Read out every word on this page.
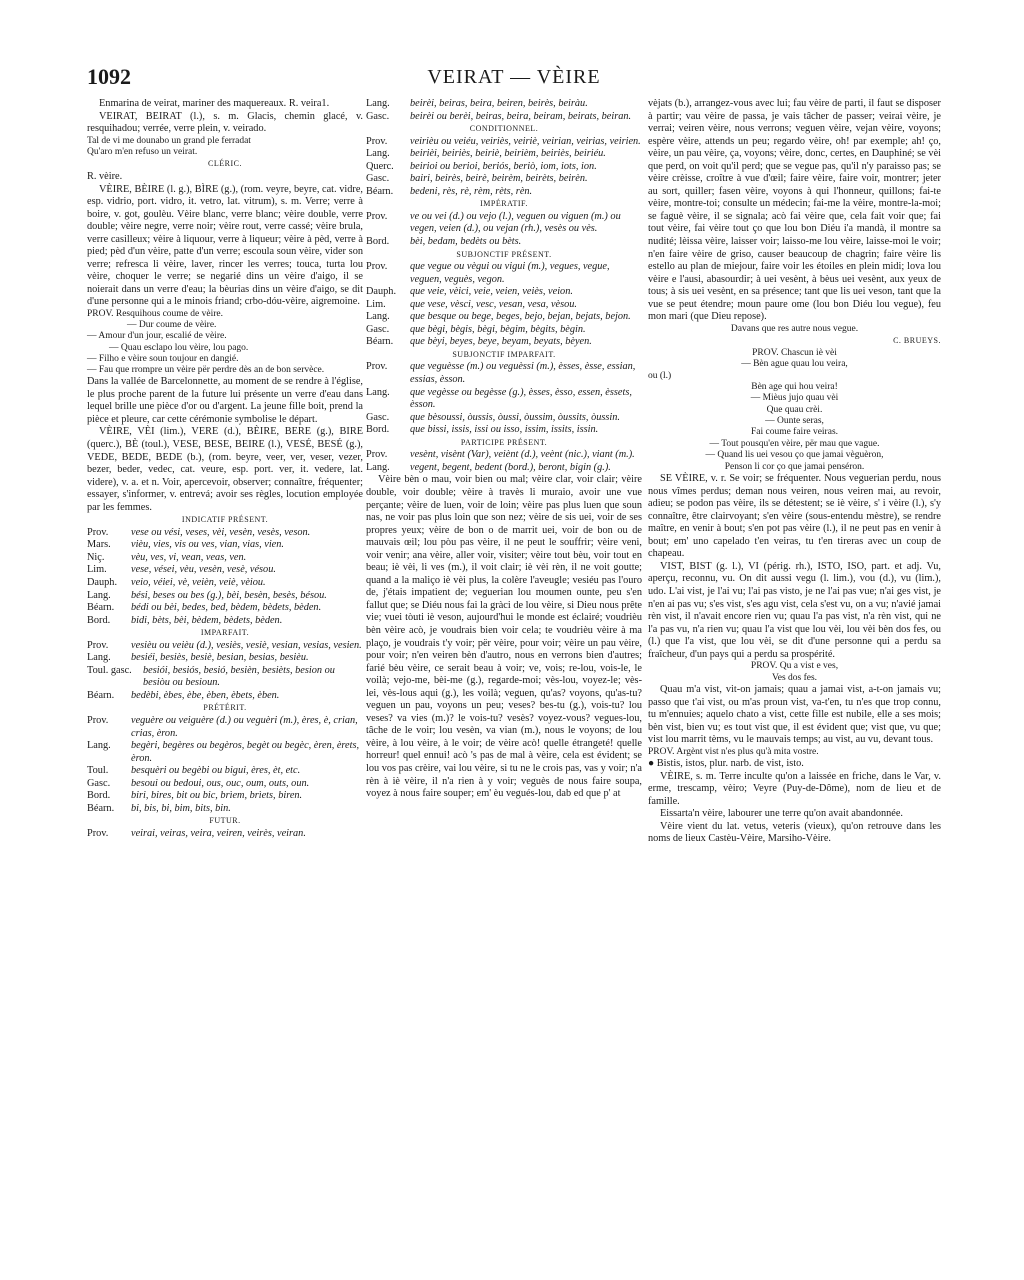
1092	VEIRAT — VÈIRE

Enmarina de veirat, mariner des maquereaux. R. veira1.

VEIRAT, BEIRAT (l.), s. m. Glacis, chemin glacé, v. resquihadou; verrée, verre plein, v. veirado.

Tal de vi me dounabo un grand ple ferradat

Qu'aro m'en refuso un veirat.

CLÉRIC.

R. vèire.

VÈIRE, BÈIRE (l. g.), BÌRE (g.), (rom. veyre, beyre, cat. vidre, esp. vidrio, port. vidro, it. vetro, lat. vitrum), s. m. Verre; verre à boire, v. got, goulèu. Vèire blanc, verre blanc; vèire double, verre double; vèire negre, verre noir; vèire rout, verre cassé; vèire brula, verre casilleux; vèire à liquour, verre à liqueur; vèire à pèd, verre à pied; pèd d'un vèire, patte d'un verre; escoula soun vèire, vider son verre; refresca li vèire, laver, rincer les verres; touca, turta lou vèire, choquer le verre; se negarié dins un vèire d'aigo, il se noierait dans un verre d'eau; la bèurias dins un vèire d'aigo, se dit d'une personne qui a le minois friand; crbo-dóu-vèire, aigremoine.

PROV. Resquihous coume de vèire.

— Dur coume de vèire.

— Amour d'un jour, escalié de vèire.

— Quau esclapo lou vèire, lou pago.

— Filho e vèire soun toujour en dangié.

— Fau que rrompre un vèire për perdre dès an de bon servèce.

Dans la vallée de Barcelonnette, au moment de se rendre à l'église, le plus proche parent de la future lui présente un verre d'eau dans lequel brille une pièce d'or ou d'argent. La jeune fille boit, prend la pièce et pleure, car cette cérémonie symbolise le départ.

VÈIRE, VÈI (lim.), VERE (d.), BÈIRE, BERE (g.), BIRE (querc.), BÈ (toul.), VESE, BESE, BEIRE (l.), VESÉ, BESÉ (g.), VEDE, BEDE, BEDE (b.), (rom. beyre, veer, ver, veser, vezer, bezer, beder, vedec, cat. veure, esp. port. ver, it. vedere, lat. videre), v. a. et n. Voir, apercevoir, observer; connaître, fréquenter; essayer, s'informer, v. entrevá; avoir ses règles, locution employée par les femmes.

INDICATIF PRÉSENT.

Prov.	vese ou vési, veses, vèi, vesèn, vesès, veson.
Mars.	vièu, vies, vis ou ves, vian, vias, vien.
Niç.	vèu, ves, vi, vean, veas, ven.
Lim.	vese, vései, vèu, vesèn, vesè, vésou.
Dauph.	veio, véiei, vè, veièn, veiè, vèiou.
Lang.	bési, beses ou bes (g.), bèi, besèn, besès, bésou.
Béarn.	bédi ou bèi, bedes, bed, bèdem, bèdets, bèden.
Bord.	bidi, bèts, bèi, bèdem, bèdets, bèden.

IMPARFAIT.

Prov.	vesièu ou veièu (d.), vesiès, vesiè, vesian, vesias, vesien.
Lang.	besiéi, besiès, besiè, besian, besias, besièu.
Toul. gasc.	besiói, besiós, besió, besièn, besièts, besion ou besiòu ou besioun.
Béarn.	bedèbi, èbes, èbe, èben, èbets, èben.

PRÉTÉRIT.

Prov.	veguère ou veiguère (d.) ou veguèri (m.), ères, è, crian, crias, èron.
Lang.	begèri, begères ou begèros, begèt ou begèc, èren, èrets, èron.
Toul.	besquèri ou begèbi ou bigui, ères, èt, etc.
Gasc.	besoui ou bedoui, ous, ouc, oum, outs, oun.
Bord.	biri, bires, bit ou bic, brìem, brìets, biren.
Béarn.	bi, bis, bi, bim, bits, bin.

FUTUR.

Prov.	veirai, veiras, veira, veiren, veirès, veiran.
Lang.	beirèi, beiras, beira, beiren, beirès, beiràu.
Gasc.	beirèi ou berèi, beiras, beira, beiram, beirats, beiran.

CONDITIONNEL.

Prov.	veirièu ou veiéu, veiriès, veiriè, veirian, veirias, veirien.
Lang.	beirièi, beiriès, beiriè, beirièm, beiriès, beiriéu.
Querc.	beirioi ou berioi, beriós, beriò, iom, iots, ion.
Gasc.	bairi, beirès, beirè, beirèm, beirèts, beirèn.
Béarn.	bedeni, rès, rè, rèm, rèts, rèn.

IMPÉRATIF.

Prov.	ve ou vei (d.) ou vejo (l.), veguen ou viguen (m.) ou vegen, veien (d.), ou vejan (rh.), vesès ou vès.
Bord.	bèi, bedam, bedèts ou bèts.

SUBJONCTIF PRÉSENT.

Prov.	que vegue ou vègui ou vigui (m.), vegues, vegue, veguen, veguès, vegon.
Dauph.	que veie, vèici, veie, veien, veiès, veion.
Lim.	que vese, vèsci, vesc, vesan, vesa, vèsou.
Lang.	que besque ou bege, beges, bejo, bejan, bejats, bejon.
Gasc.	que bègi, bègis, bègi, bègim, bègits, bègin.
Béarn.	que bèyi, beyes, beye, beyam, beyats, bèyen.

SUBJONCTIF IMPARFAIT.

Prov.	que veguèsse (m.) ou veguèssi (m.), èsses, èsse, essian, essias, èsson.
Lang.	que vegèsse ou begèsse (g.), èsses, èsso, essen, èssets, èsson.
Gasc.	que bèsoussi, òussis, òussi, òussim, òussits, òussin.
Bord.	que bissi, issis, issi ou isso, issim, issits, issin.

PARTICIPE PRÉSENT.

Prov.	vesènt, visènt (Var), veiènt (d.), veènt (nic.), viant (m.).
Lang.	vegent, begent, bedent (bord.), beront, bigin (g.).

Vèire bèn o mau, voir bien ou mal; vèire clar, voir clair; vèire double, voir double; vèire à travès li muraio, avoir une vue perçante; vèire de luen, voir de loin; vèire pas plus luen que soun nas, ne voir pas plus loin que son nez; vèire de sis uei, voir de ses propres yeux; vèire de bon o de marrit uei, voir de bon ou de mauvais œil; lou pòu pas vèire, il ne peut le souffrir; vèire veni, voir venir; ana vèire, aller voir, visiter; vèire tout bèu, voir tout en beau; iè vèi, li ves (m.), il voit clair; iè vèi rèn, il ne voit goutte; quand a la maliço iè vèi plus, la colère l'aveugle; vesiéu pas l'ouro de, j'étais impatient de; veguerian lou moumen ounte, peu s'en fallut que; se Diéu nous fai la gràci de lou vèire, si Dieu nous prête vie; vuei tòuti iè veson, aujourd'hui le monde est éclairé; voudrièu bèn vèire acò, je voudrais bien voir cela; te voudrièu vèire à ma plaço, je voudrais t'y voir; për vèire, pour voir; vèire un pau vèire, pour voir; n'en veiren bèn d'autro, nous en verrons bien d'autres; farié bèu vèire, ce serait beau à voir; ve, vois; re-lou, vois-le, le voilà; vejo-me, bèi-me (g.), regarde-moi; vès-lou, voyez-le; vès-lei, vès-lous aqui (g.), les voilà; veguen, qu'as? voyons, qu'as-tu? veguen un pau, voyons un peu; veses? bes-tu (g.), vois-tu? lou veses? va vies (m.)? le vois-tu? vesès? voyez-vous? vegues-lou, tâche de le voir; lou vesèn, va vian (m.), nous le voyons; de lou vèire, à lou vèire, à le voir; de vèire acò! quelle étrangeté! quelle horreur! quel ennui! acò 's pas de mal à vèire, cela est évident; se lou vos pas crèire, vai lou vèire, si tu ne le crois pas, vas y voir; n'a rèn à iè vèire, il n'a rien à y voir; veguès de nous faire soupa, voyez à nous faire souper; em' èu vegués-lou, dab ed que p' at

vèjats (b.), arrangez-vous avec lui; fau vèire de parti, il faut se disposer à partir; vau vèire de passa, je vais tâcher de passer; veirai vèire, je verrai; veiren vèire, nous verrons; veguen vèire, vejan vèire, voyons; espère vèire, attends un peu; regardo vèire, oh! par exemple; ah! ço, vèire, un pau vèire, ça, voyons; vèire, donc, certes, en Dauphiné; se vèi que perd, on voit qu'il perd; que se vegue pas, qu'il n'y paraisso pas; se vèire crèisse, croître à vue d'œil; faire vèire, faire voir, montrer; jeter au sort, quiller; fasen vèire, voyons à qui l'honneur, quillons; fai-te vèire, montre-toi; consulte un médecin; fai-me la vèire, montre-la-moi; se faguè vèire, il se signala; acò fai vèire que, cela fait voir que; fai tout vèire, fai vèire tout ço que lou bon Diéu i'a mandà, il montre sa nudité; lèissa vèire, laisser voir; laisso-me lou vèire, laisse-moi le voir; n'en faire vèire de griso, causer beaucoup de chagrin; faire vèire lis estello au plan de miejour, faire voir les étoiles en plein midi; lova lou vèire e l'ausi, abasourdir; à uei vesènt, à bèus uei vesènt, aux yeux de tous; à sis uei vesènt, en sa présence; tant que lis uei veson, tant que la vue se peut étendre; moun paure ome (lou bon Diéu lou vegue), feu mon mari (que Dieu repose).

Davans que res autre nous vegue.

C. BRUEYS.

PROV. Chascun iè vèi

— Bèn ague quau lou veira,

ou (l.)

Bèn age qui hou veira!

— Mièus jujo quau vèi

Que quau crèi.

— Ounte seras,

Fai coume faire veiras.

— Tout pousqu'en vèire, për mau que vague.

— Quand lis uei vesou ço que jamai vèguèron,

Penson li cor ço que jamai penséron.

SE VÈIRE, v. r. Se voir; se fréquenter. Nous veguerian perdu, nous nous vîmes perdus; deman nous veiren, nous veiren mai, au revoir, adieu; se podon pas vèire, ils se détestent; se iè vèire, s' i vèire (l.), s'y connaître, être clairvoyant; s'en vèire (sous-entendu mèstre), se rendre maître, en venir à bout; s'en pot pas vèire (l.), il ne peut pas en venir à bout; em' uno capelado t'en veiras, tu t'en tireras avec un coup de chapeau.

VIST, BIST (g. l.), VI (périg. rh.), ISTO, ISO, part. et adj. Vu, aperçu, reconnu, vu. On dit aussi vegu (l. lim.), vou (d.), vu (lim.), udo. L'ai vist, je l'ai vu; l'ai pas visto, je ne l'ai pas vue; n'ai ges vist, je n'en ai pas vu; s'es vist, s'es agu vist, cela s'est vu, on a vu; n'avié jamai rèn vist, il n'avait encore rien vu; quau l'a pas vist, n'a rèn vist, qui ne l'a pas vu, n'a rien vu; quau l'a vist que lou vèi, lou vèi bèn dos fes, ou (l.) que l'a vist, que lou vèi, se dit d'une personne qui a perdu sa fraîcheur, d'un pays qui a perdu sa prospérité.

PROV. Qu a vist e ves,

Ves dos fes.

Quau m'a vist, vit-on jamais; quau a jamai vist, a-t-on jamais vu; passo que t'ai vist, ou m'as proun vist, va-t'en, tu n'es que trop connu, tu m'ennuies; aquelo chato a vist, cette fille est nubile, elle a ses mois; bèn vist, bien vu; es tout vist que, il est évident que; vist que, vu que; vist lou marrit tèms, vu le mauvais temps; au vist, au vu, devant tous.

PROV. Argènt vist n'es plus qu'à mita vostre.

● Bistis, istos, plur. narb. de vist, isto.

VÈIRE, s. m. Terre inculte qu'on a laissée en friche, dans le Var, v. erme, trescamp, vèiro; Veyre (Puy-de-Dôme), nom de lieu et de famille.

Eissarta'n vèire, labourer une terre qu'on avait abandonnée.

Vèire vient du lat. vetus, veteris (vieux), qu'on retrouve dans les noms de lieux Castèu-Vèire, Marsiho-Vèire.
